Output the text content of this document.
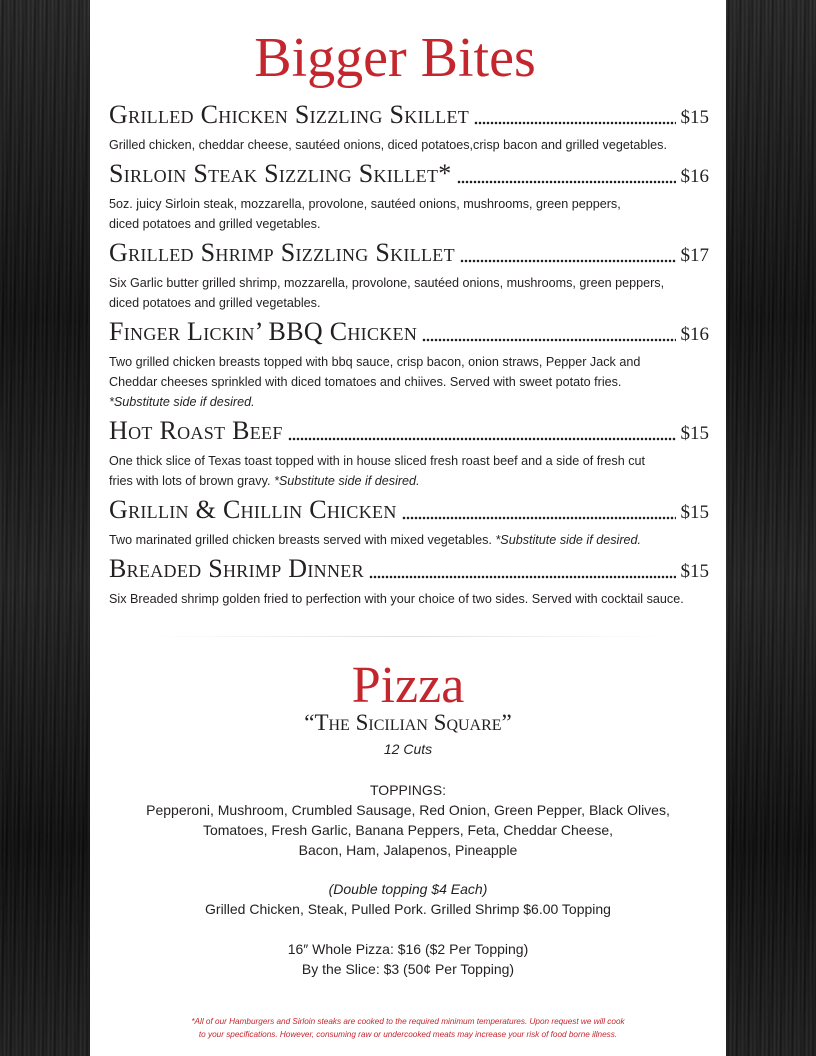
Bigger Bites
Grilled Chicken Sizzling Skillet	$15

Grilled chicken, cheddar cheese, sautéed onions, diced potatoes,crisp bacon and grilled vegetables.

Sirloin Steak Sizzling Skillet*	$16

5oz. juicy Sirloin steak, mozzarella, provolone, sautéed onions, mushrooms, green peppers,
diced potatoes and grilled vegetables.

Grilled Shrimp Sizzling Skillet	$17

Six Garlic butter grilled shrimp, mozzarella, provolone, sautéed onions, mushrooms, green peppers,
diced potatoes and grilled vegetables.

Finger Lickin’ BBQ Chicken	$16

Two grilled chicken breasts topped with bbq sauce, crisp bacon, onion straws, Pepper Jack and
Cheddar cheeses sprinkled with diced tomatoes and chiives. Served with sweet potato fries.
*Substitute side if desired.

Hot Roast Beef	$15

One thick slice of Texas toast topped with in house sliced fresh roast beef and a side of fresh cut
fries with lots of brown gravy. *Substitute side if desired.

Grillin & Chillin Chicken	$15

Two marinated grilled chicken breasts served with mixed vegetables. *Substitute side if desired.

Breaded Shrimp Dinner	$15

Six Breaded shrimp golden fried to perfection with your choice of two sides. Served with cocktail sauce.

Pizza
“The Sicilian Square”
12 Cuts

TOPPINGS:

Pepperoni, Mushroom, Crumbled Sausage, Red Onion, Green Pepper, Black Olives,

Tomatoes, Fresh Garlic, Banana Peppers, Feta, Cheddar Cheese,

Bacon, Ham, Jalapenos, Pineapple

(Double topping $4 Each)

Grilled Chicken, Steak, Pulled Pork. Grilled Shrimp $6.00 Topping

16″ Whole Pizza: $16 ($2 Per Topping)

By the Slice: $3 (50¢ Per Topping)

*All of our Hamburgers and Sirloin steaks are cooked to the required minimum temperatures. Upon request we will cook

to your specifications. However, consuming raw or undercooked meats may increase your risk of food borne illness.
